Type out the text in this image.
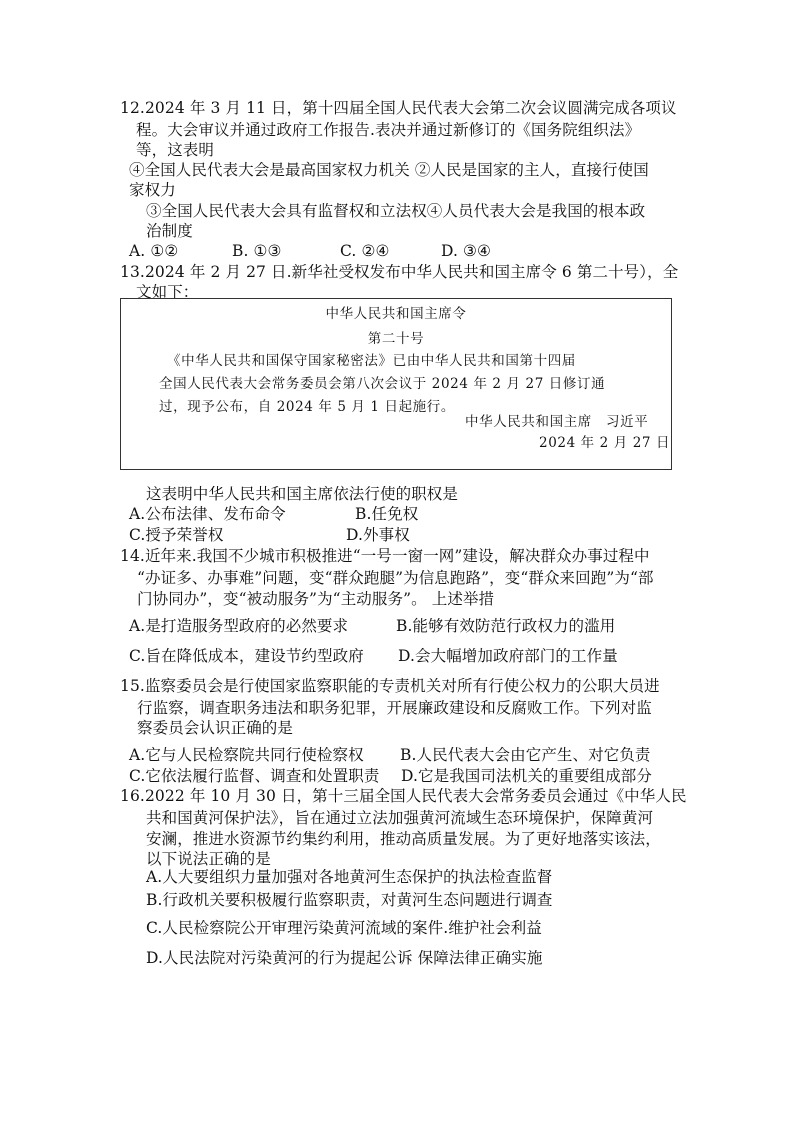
12.2024 年 3 月 11 日，第十四届全国人民代表大会第二次会议圆满完成各项议
程。大会审议并通过政府工作报告.表决并通过新修订的《国务院组织法》
等，这表明
④全国人民代表大会是最高国家权力机关 ②人民是国家的主人，直接行使国
家权力
③全国人民代表大会具有监督权和立法权④人员代表大会是我国的根本政
治制度
A. ①②	B. ①③	C. ②④	D. ③④
13.2024 年 2 月 27 日.新华社受权发布中华人民共和国主席令 6 第二十号），全
文如下：
中华人民共和国主席令
第二十号
《中华人民共和国保守国家秘密法》已由中华人民共和国第十四届
全国人民代表大会常务委员会第八次会议于 2024 年 2 月 27 日修订通
过，现予公布，自 2024 年 5 月 1 日起施行。
中华人民共和国主席　习近平
2024 年 2 月 27 日
这表明中华人民共和国主席依法行使的职权是
A.公布法律、发布命令	B.任免权
C.授予荣誉权	D.外事权
14.近年来.我国不少城市积极推进“一号一窗一网”建设，解决群众办事过程中
“办证多、办事难”问题，变“群众跑腿”为信息跑路”，变“群众来回跑”为“部
门协同办”，变“被动服务”为“主动服务”。 上述举措
A.是打造服务型政府的必然要求	B.能够有效防范行政权力的滥用
C.旨在降低成本，建设节约型政府 D.会大幅增加政府部门的工作量
15.监察委员会是行使国家监察职能的专责机关对所有行使公权力的公职大员进
行监察，调查职务违法和职务犯罪，开展廉政建设和反腐败工作。下列对监
察委员会认识正确的是
A.它与人民检察院共同行使检察权 B.人民代表大会由它产生、对它负责
C.它依法履行监督、调查和处置职责 D.它是我国司法机关的重要组成部分
16.2022 年 10 月 30 日，第十三届全国人民代表大会常务委员会通过《中华人民
共和国黄河保护法》，旨在通过立法加强黄河流域生态环境保护，保障黄河
安澜，推进水资源节约集约利用，推动高质量发展。为了更好地落实该法，
以下说法正确的是
A.人大要组织力量加强对各地黄河生态保护的执法检查监督
B.行政机关要积极履行监察职责，对黄河生态问题进行调查
C.人民检察院公开审理污染黄河流域的案件.维护社会利益
D.人民法院对污染黄河的行为提起公诉 保障法律正确实施
